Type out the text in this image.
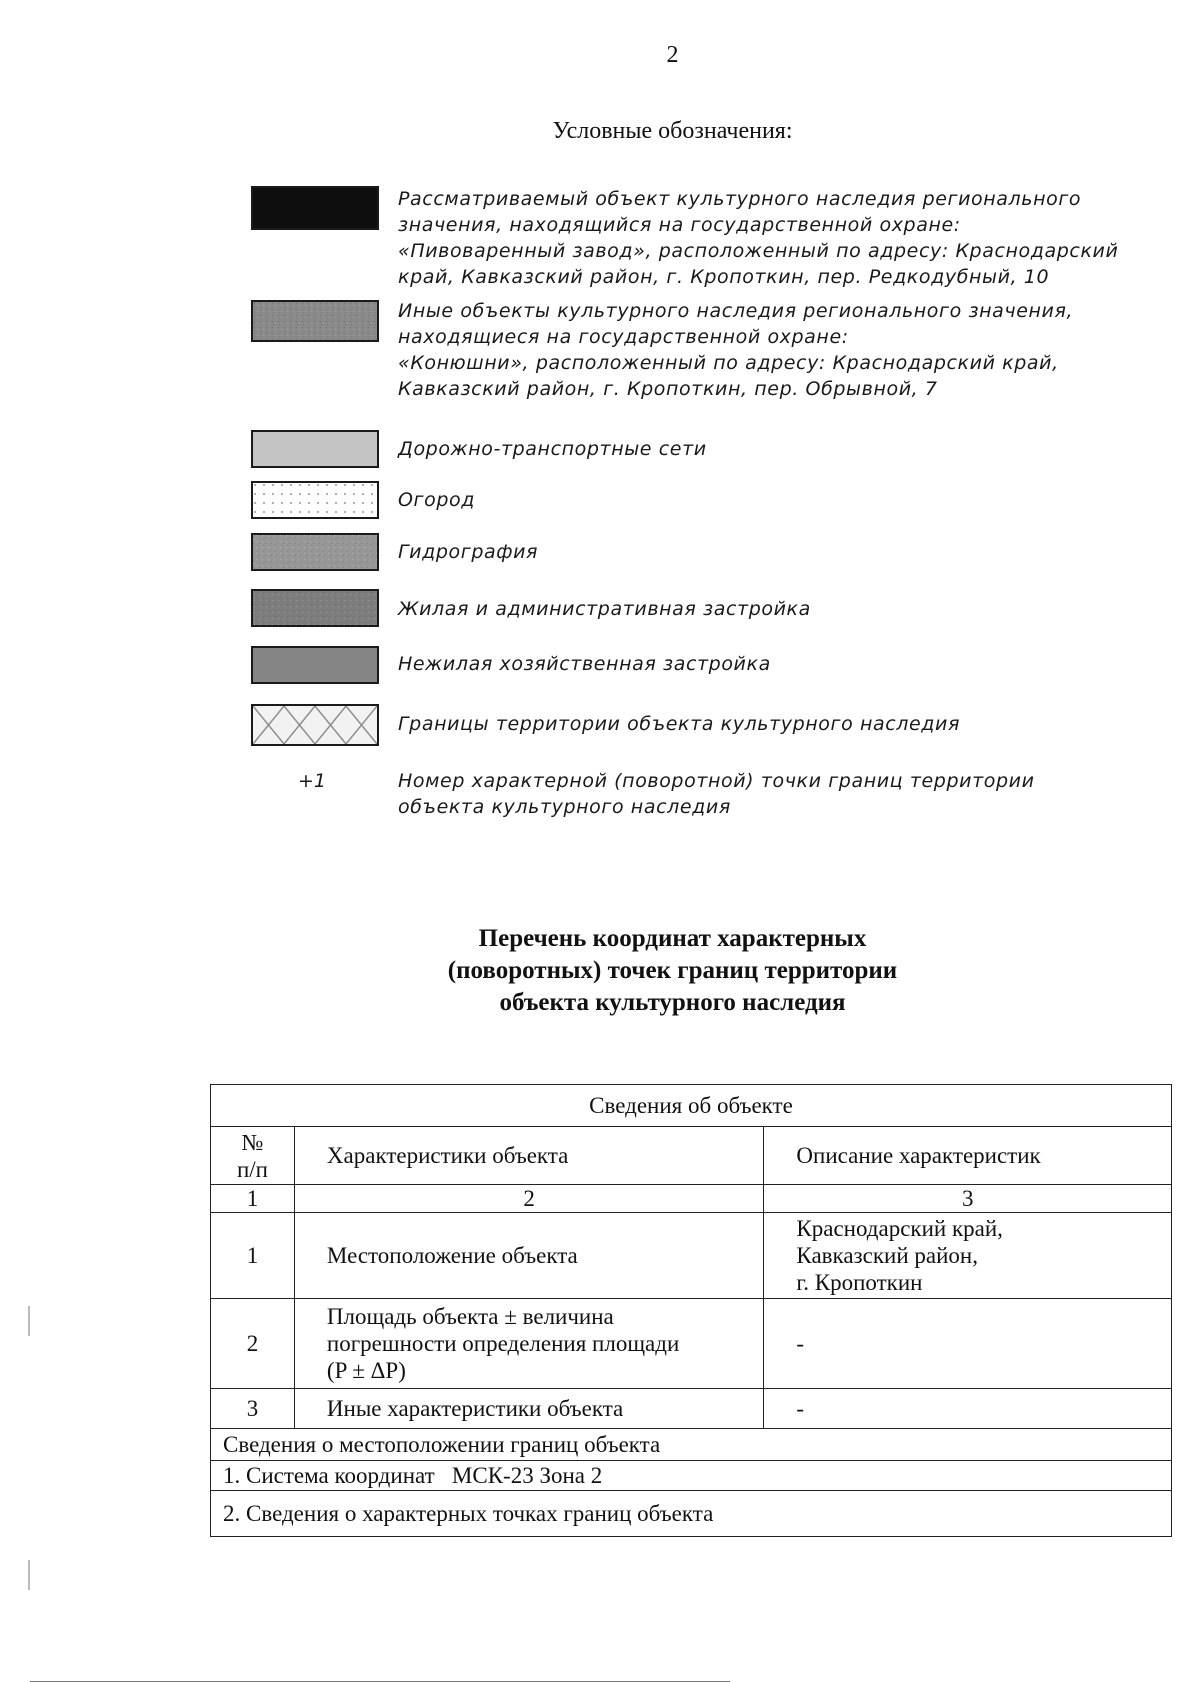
2
Условные обозначения:
+1
Рассматриваемый объект культурного наследия регионального
значения, находящийся на государственной охране:
«Пивоваренный завод», расположенный по адресу: Краснодарский
край, Кавказский район, г. Кропоткин, пер. Редкодубный, 10
Иные объекты культурного наследия регионального значения,
находящиеся на государственной охране:
«Конюшни», расположенный по адресу: Краснодарский край,
Кавказский район, г. Кропоткин, пер. Обрывной, 7
Дорожно-транспортные сети
Огород
Гидрография
Жилая и административная застройка
Нежилая хозяйственная застройка
Границы территории объекта культурного наследия
Номер характерной (поворотной) точки границ территории
объекта культурного наследия
Перечень координат характерных
(поворотных) точек границ территории
объекта культурного наследия
Сведения об объекте		

№
п/п	Характеристики объекта	Описание характеристик
1	2	3
1	Местоположение объекта	Краснодарский край,
Кавказский район,
г. Кропоткин

2	Площадь объекта ± величина
погрешности определения площади
(P ± ΔP)	-
3	Иные характеристики объекта	-
Сведения о местоположении границ объекта		
1. Система координат   МСК-23 Зона 2		
2. Сведения о характерных точках границ объекта		
